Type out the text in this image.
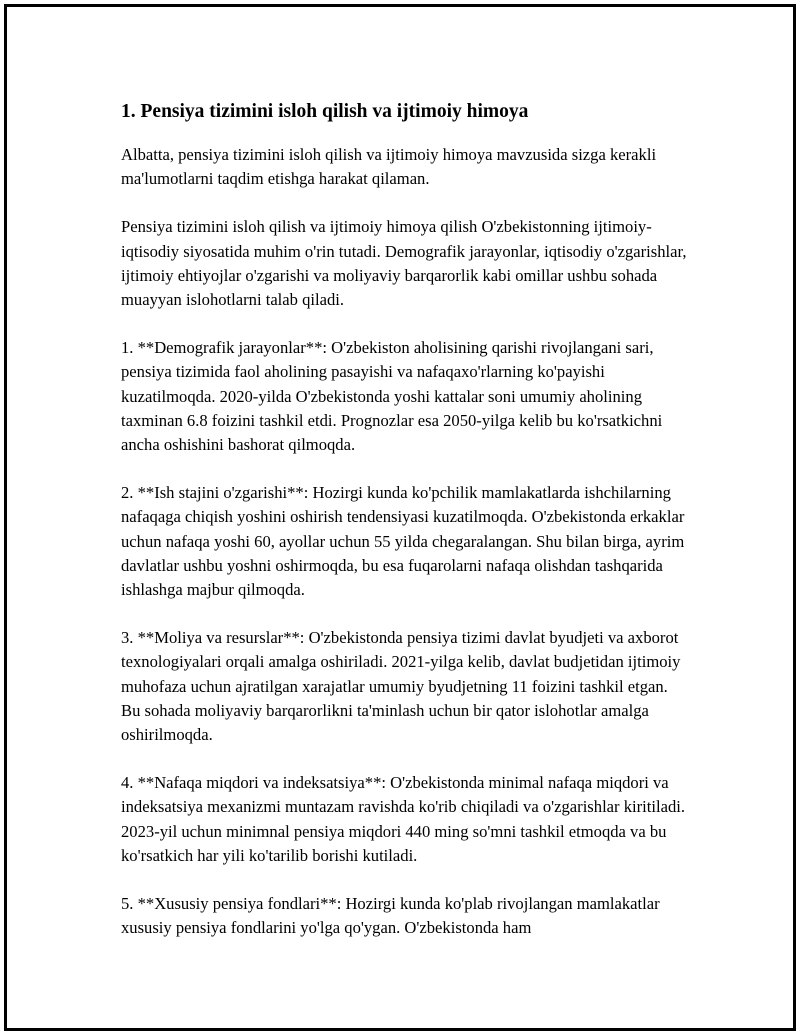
1. Pensiya tizimini isloh qilish va ijtimoiy himoya

Albatta, pensiya tizimini isloh qilish va ijtimoiy himoya mavzusida sizga kerakli ma'lumotlarni taqdim etishga harakat qilaman.

Pensiya tizimini isloh qilish va ijtimoiy himoya qilish O'zbekistonning ijtimoiy-iqtisodiy siyosatida muhim o'rin tutadi. Demografik jarayonlar, iqtisodiy o'zgarishlar, ijtimoiy ehtiyojlar o'zgarishi va moliyaviy barqarorlik kabi omillar ushbu sohada muayyan islohotlarni talab qiladi.

1. **Demografik jarayonlar**: O'zbekiston aholisining qarishi rivojlangani sari, pensiya tizimida faol aholining pasayishi va nafaqaxo'rlarning ko'payishi kuzatilmoqda. 2020-yilda O'zbekistonda yoshi kattalar soni umumiy aholining taxminan 6.8 foizini tashkil etdi. Prognozlar esa 2050-yilga kelib bu ko'rsatkichni ancha oshishini bashorat qilmoqda.

2. **Ish stajini o'zgarishi**: Hozirgi kunda ko'pchilik mamlakatlarda ishchilarning nafaqaga chiqish yoshini oshirish tendensiyasi kuzatilmoqda. O'zbekistonda erkaklar uchun nafaqa yoshi 60, ayollar uchun 55 yilda chegaralangan. Shu bilan birga, ayrim davlatlar ushbu yoshni oshirmoqda, bu esa fuqarolarni nafaqa olishdan tashqarida ishlashga majbur qilmoqda.

3. **Moliya va resurslar**: O'zbekistonda pensiya tizimi davlat byudjeti va axborot texnologiyalari orqali amalga oshiriladi. 2021-yilga kelib, davlat budjetidan ijtimoiy muhofaza uchun ajratilgan xarajatlar umumiy byudjetning 11 foizini tashkil etgan. Bu sohada moliyaviy barqarorlikni ta'minlash uchun bir qator islohotlar amalga oshirilmoqda.

4. **Nafaqa miqdori va indeksatsiya**: O'zbekistonda minimal nafaqa miqdori va indeksatsiya mexanizmi muntazam ravishda ko'rib chiqiladi va o'zgarishlar kiritiladi. 2023-yil uchun minimnal pensiya miqdori 440 ming so'mni tashkil etmoqda va bu ko'rsatkich har yili ko'tarilib borishi kutiladi.

5. **Xususiy pensiya fondlari**: Hozirgi kunda ko'plab rivojlangan mamlakatlar xususiy pensiya fondlarini yo'lga qo'ygan. O'zbekistonda ham
